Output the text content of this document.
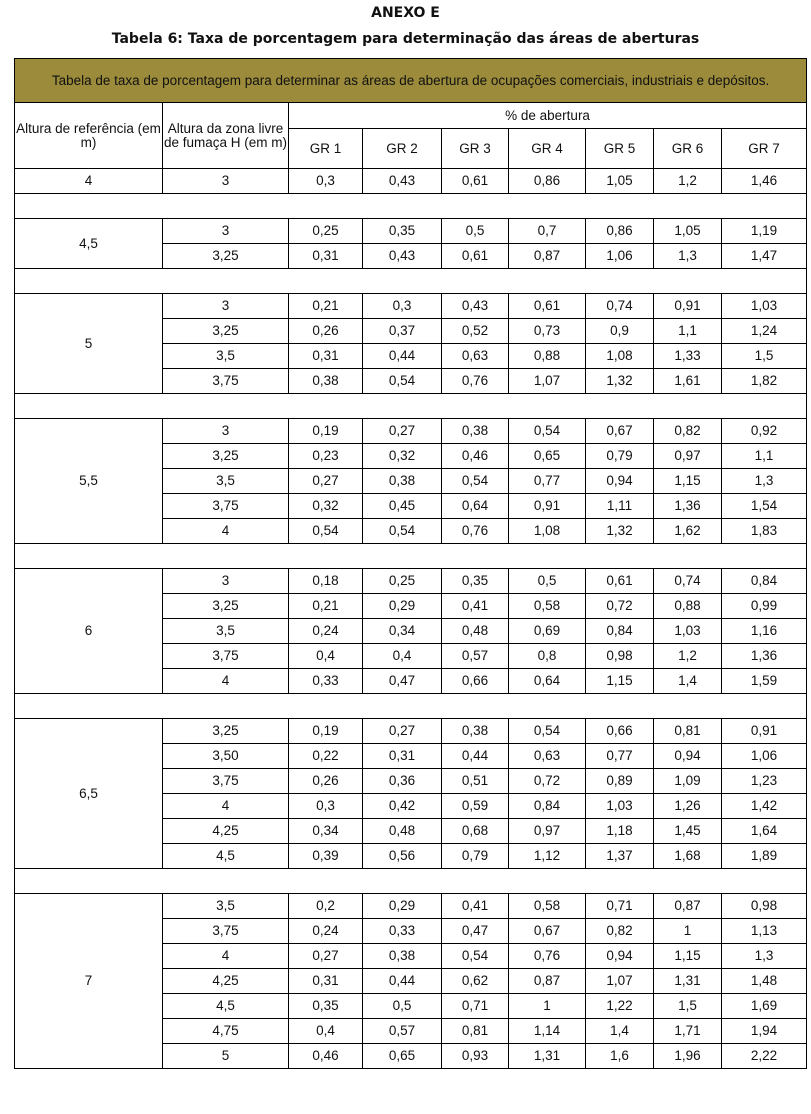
ANEXO E
Tabela 6: Taxa de porcentagem para determinação das áreas de aberturas
Tabela de taxa de porcentagem para determinar as áreas de abertura de ocupações comerciais, industriais e depósitos.								
Altura de referência (em m)	Altura da zona livre de fumaça H (em m)	% de abertura						
		GR 1	GR 2	GR 3	GR 4	GR 5	GR 6	GR 7
4	3	0,3	0,43	0,61	0,86	1,05	1,2	1,46

4,5	3	0,25	0,35	0,5	0,7	0,86	1,05	1,19
	3,25	0,31	0,43	0,61	0,87	1,06	1,3	1,47

5	3	0,21	0,3	0,43	0,61	0,74	0,91	1,03
	3,25	0,26	0,37	0,52	0,73	0,9	1,1	1,24
	3,5	0,31	0,44	0,63	0,88	1,08	1,33	1,5
	3,75	0,38	0,54	0,76	1,07	1,32	1,61	1,82

5,5	3	0,19	0,27	0,38	0,54	0,67	0,82	0,92
	3,25	0,23	0,32	0,46	0,65	0,79	0,97	1,1
	3,5	0,27	0,38	0,54	0,77	0,94	1,15	1,3
	3,75	0,32	0,45	0,64	0,91	1,11	1,36	1,54
	4	0,54	0,54	0,76	1,08	1,32	1,62	1,83

6	3	0,18	0,25	0,35	0,5	0,61	0,74	0,84
	3,25	0,21	0,29	0,41	0,58	0,72	0,88	0,99
	3,5	0,24	0,34	0,48	0,69	0,84	1,03	1,16
	3,75	0,4	0,4	0,57	0,8	0,98	1,2	1,36
	4	0,33	0,47	0,66	0,64	1,15	1,4	1,59

6,5	3,25	0,19	0,27	0,38	0,54	0,66	0,81	0,91
	3,50	0,22	0,31	0,44	0,63	0,77	0,94	1,06
	3,75	0,26	0,36	0,51	0,72	0,89	1,09	1,23
	4	0,3	0,42	0,59	0,84	1,03	1,26	1,42
	4,25	0,34	0,48	0,68	0,97	1,18	1,45	1,64
	4,5	0,39	0,56	0,79	1,12	1,37	1,68	1,89

7	3,5	0,2	0,29	0,41	0,58	0,71	0,87	0,98
	3,75	0,24	0,33	0,47	0,67	0,82	1	1,13
	4	0,27	0,38	0,54	0,76	0,94	1,15	1,3
	4,25	0,31	0,44	0,62	0,87	1,07	1,31	1,48
	4,5	0,35	0,5	0,71	1	1,22	1,5	1,69
	4,75	0,4	0,57	0,81	1,14	1,4	1,71	1,94
	5	0,46	0,65	0,93	1,31	1,6	1,96	2,22
